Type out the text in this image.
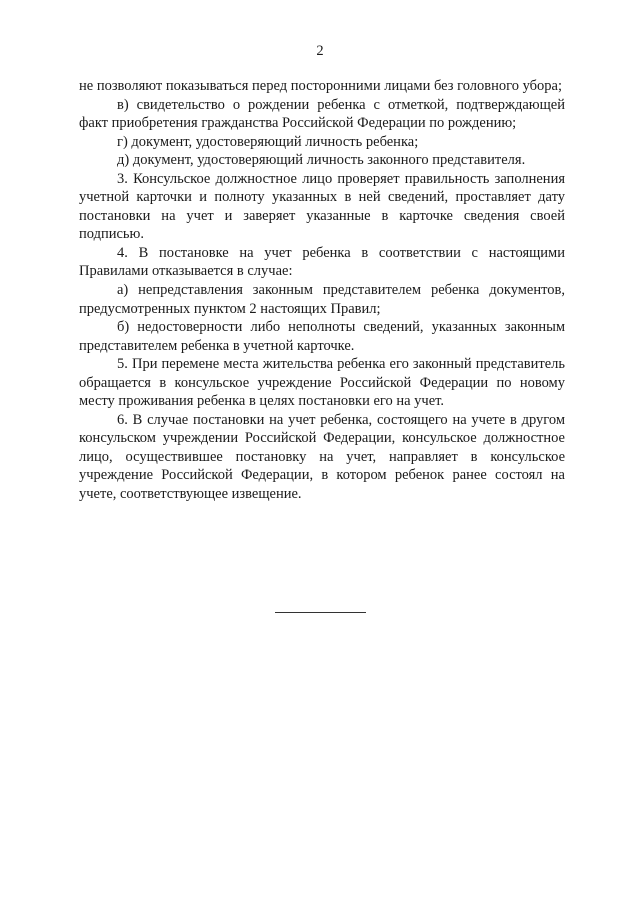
2

не позволяют показываться перед посторонними лицами без головного убора;

в) свидетельство о рождении ребенка с отметкой, подтверждающей факт приобретения гражданства Российской Федерации по рождению;

г) документ, удостоверяющий личность ребенка;

д) документ, удостоверяющий личность законного представителя.

3. Консульское должностное лицо проверяет правильность заполнения учетной карточки и полноту указанных в ней сведений, проставляет дату постановки на учет и заверяет указанные в карточке сведения своей подписью.

4. В постановке на учет ребенка в соответствии с настоящими Правилами отказывается в случае:

а) непредставления законным представителем ребенка документов, предусмотренных пунктом 2 настоящих Правил;

б) недостоверности либо неполноты сведений, указанных законным представителем ребенка в учетной карточке.

5. При перемене места жительства ребенка его законный представитель обращается в консульское учреждение Российской Федерации по новому месту проживания ребенка в целях постановки его на учет.

6. В случае постановки на учет ребенка, состоящего на учете в другом консульском учреждении Российской Федерации, консульское должностное лицо, осуществившее постановку на учет, направляет в консульское учреждение Российской Федерации, в котором ребенок ранее состоял на учете, соответствующее извещение.
